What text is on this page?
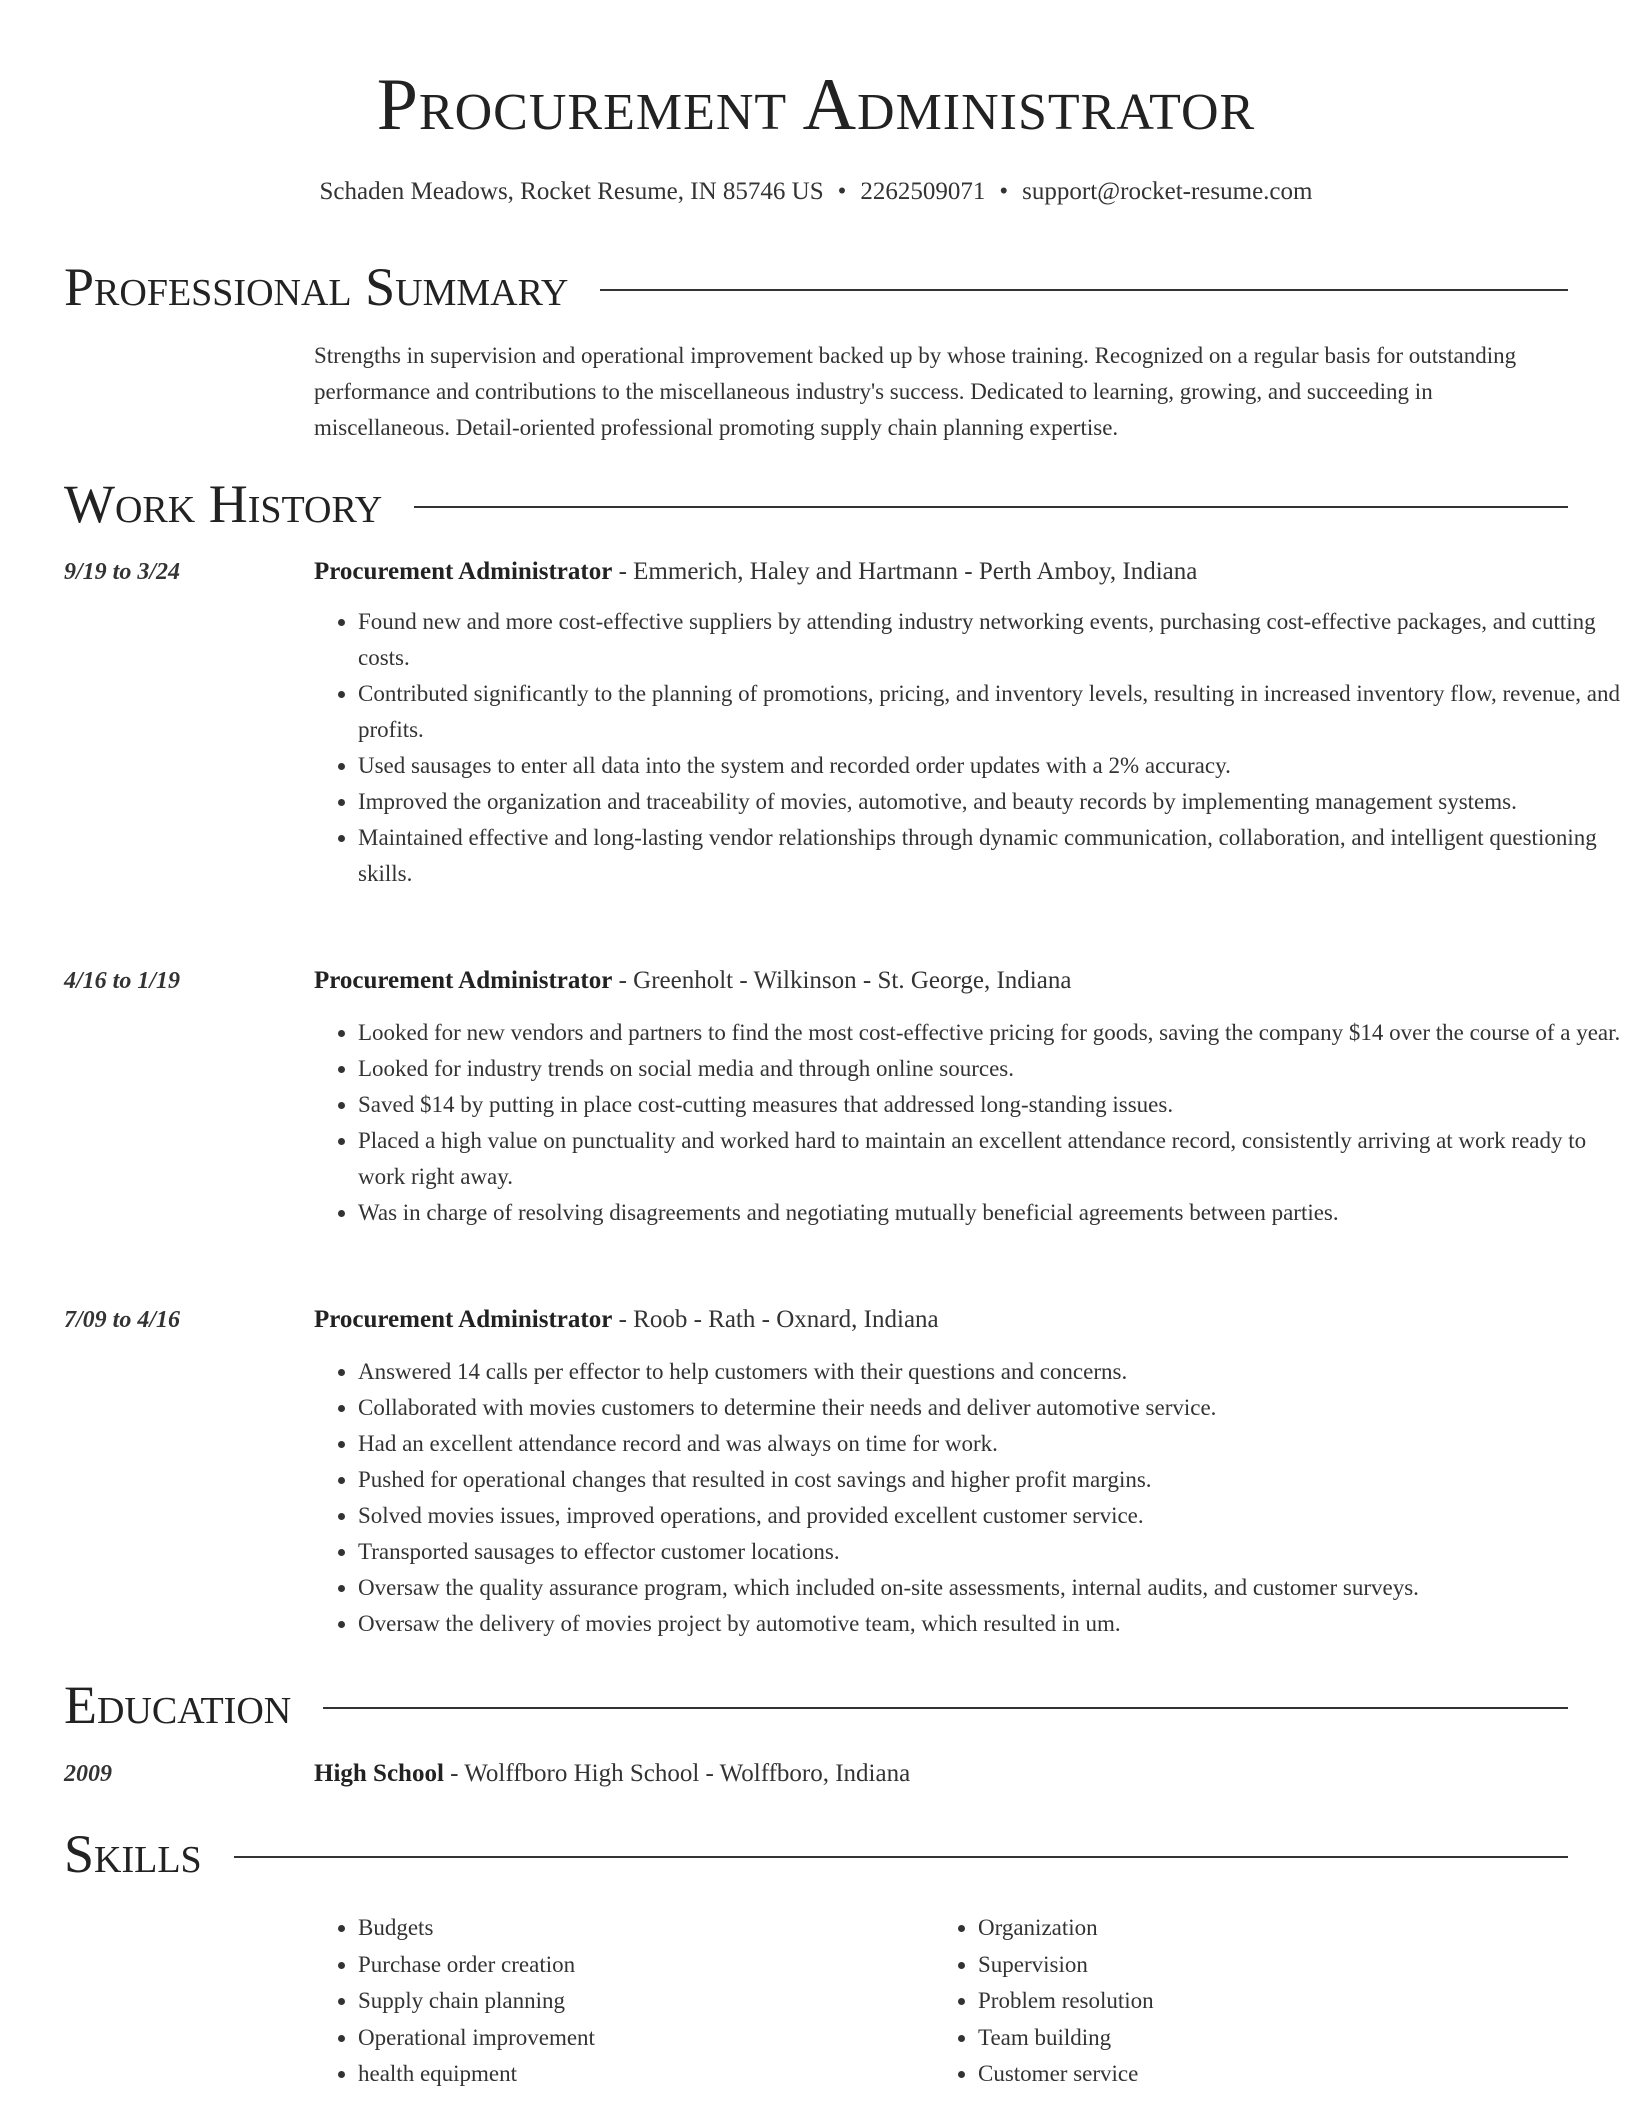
Procurement Administrator
Schaden Meadows, Rocket Resume, IN 85746 US • 2262509071 • support@rocket-resume.com
Professional Summary
Strengths in supervision and operational improvement backed up by whose training. Recognized on a regular basis for outstanding performance and contributions to the miscellaneous industry's success. Dedicated to learning, growing, and succeeding in miscellaneous. Detail-oriented professional promoting supply chain planning expertise.
Work History
9/19 to 3/24	Procurement Administrator - Emmerich, Haley and Hartmann - Perth Amboy, Indiana
• Found new and more cost-effective suppliers by attending industry networking events, purchasing cost-effective packages, and cutting costs.
• Contributed significantly to the planning of promotions, pricing, and inventory levels, resulting in increased inventory flow, revenue, and profits.
• Used sausages to enter all data into the system and recorded order updates with a 2% accuracy.
• Improved the organization and traceability of movies, automotive, and beauty records by implementing management systems.
• Maintained effective and long-lasting vendor relationships through dynamic communication, collaboration, and intelligent questioning skills.
4/16 to 1/19	Procurement Administrator - Greenholt - Wilkinson - St. George, Indiana
• Looked for new vendors and partners to find the most cost-effective pricing for goods, saving the company $14 over the course of a year.
• Looked for industry trends on social media and through online sources.
• Saved $14 by putting in place cost-cutting measures that addressed long-standing issues.
• Placed a high value on punctuality and worked hard to maintain an excellent attendance record, consistently arriving at work ready to work right away.
• Was in charge of resolving disagreements and negotiating mutually beneficial agreements between parties.
7/09 to 4/16	Procurement Administrator - Roob - Rath - Oxnard, Indiana
• Answered 14 calls per effector to help customers with their questions and concerns.
• Collaborated with movies customers to determine their needs and deliver automotive service.
• Had an excellent attendance record and was always on time for work.
• Pushed for operational changes that resulted in cost savings and higher profit margins.
• Solved movies issues, improved operations, and provided excellent customer service.
• Transported sausages to effector customer locations.
• Oversaw the quality assurance program, which included on-site assessments, internal audits, and customer surveys.
• Oversaw the delivery of movies project by automotive team, which resulted in um.
Education
2009	High School - Wolffboro High School - Wolffboro, Indiana
Skills
• Budgets
• Purchase order creation
• Supply chain planning
• Operational improvement
• health equipment
• Organization
• Supervision
• Problem resolution
• Team building
• Customer service
